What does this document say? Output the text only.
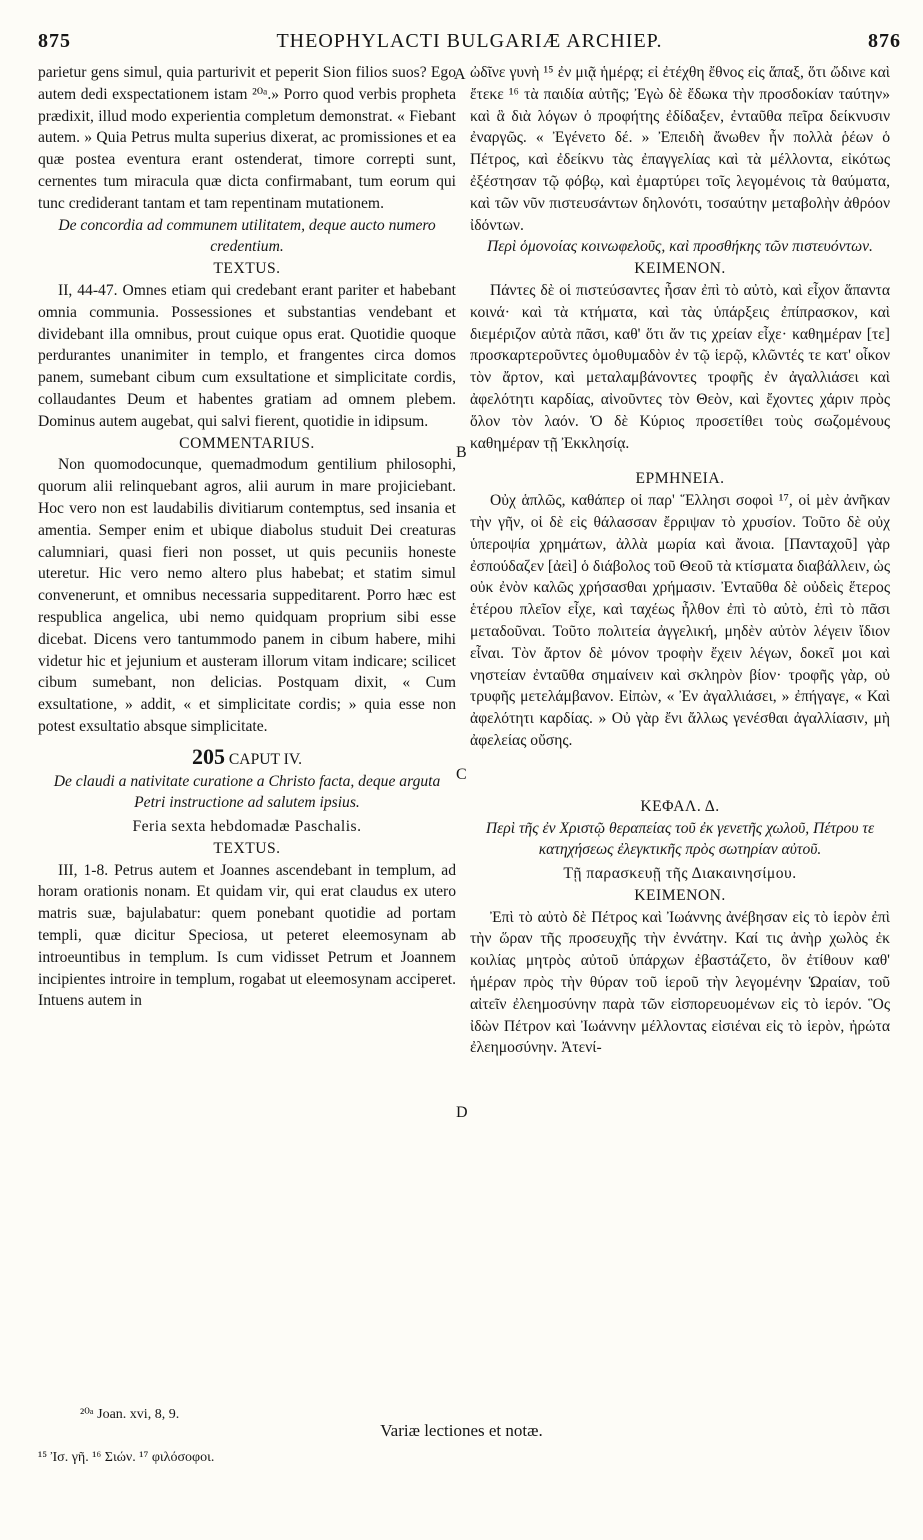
875	THEOPHYLACTI BULGARIÆ ARCHIEP.	876

parietur gens simul, quia parturivit et peperit Sion filios suos? Ego autem dedi exspectationem istam ²⁰ᵃ.» Porro quod verbis propheta prædixit, illud modo experientia completum demonstrat. « Fiebant autem. » Quia Petrus multa superius dixerat, ac promissiones et ea quæ postea eventura erant ostenderat, timore correpti sunt, cernentes tum miracula quæ dicta confirmabant, tum eorum qui tunc crediderant tantam et tam repentinam mutationem.

De concordia ad communem utilitatem, deque aucto numero credentium.

TEXTUS.

II, 44-47. Omnes etiam qui credebant erant pariter et habebant omnia communia. Possessiones et substantias vendebant et dividebant illa omnibus, prout cuique opus erat. Quotidie quoque perdurantes unanimiter in templo, et frangentes circa domos panem, sumebant cibum cum exsultatione et simplicitate cordis, collaudantes Deum et habentes gratiam ad omnem plebem. Dominus autem augebat, qui salvi fierent, quotidie in idipsum.

COMMENTARIUS.

Non quomodocunque, quemadmodum gentilium philosophi, quorum alii relinquebant agros, alii aurum in mare projiciebant. Hoc vero non est laudabilis divitiarum contemptus, sed insania et amentia. Semper enim et ubique diabolus studuit Dei creaturas calumniari, quasi fieri non posset, ut quis pecuniis honeste uteretur. Hic vero nemo altero plus habebat; et statim simul convenerunt, et omnibus necessaria suppeditarent. Porro hæc est respublica angelica, ubi nemo quidquam proprium sibi esse dicebat. Dicens vero tantummodo panem in cibum habere, mihi videtur hic et jejunium et austeram illorum vitam indicare; scilicet cibum sumebant, non delicias. Postquam dixit, « Cum exsultatione, » addit, « et simplicitate cordis; » quia esse non potest exsultatio absque simplicitate.

205 CAPUT IV.

De claudi a nativitate curatione a Christo facta, deque arguta Petri instructione ad salutem ipsius.

Feria sexta hebdomadæ Paschalis.

TEXTUS.

III, 1-8. Petrus autem et Joannes ascendebant in templum, ad horam orationis nonam. Et quidam vir, qui erat claudus ex utero matris suæ, bajulabatur: quem ponebant quotidie ad portam templi, quæ dicitur Speciosa, ut peteret eleemosynam ab introeuntibus in templum. Is cum vidisset Petrum et Joannem incipientes introire in templum, rogabat ut eleemosynam acciperet. Intuens autem in

A
B
C
D

ὠδῖνε γυνὴ ¹⁵ ἐν μιᾷ ἡμέρᾳ; εἰ ἐτέχθη ἔθνος εἰς ἅπαξ, ὅτι ὤδινε καὶ ἔτεκε ¹⁶ τὰ παιδία αὐτῆς; Ἐγὼ δὲ ἔδωκα τὴν προσδοκίαν ταύτην» καὶ ἃ διὰ λόγων ὁ προφήτης ἐδίδαξεν, ἐνταῦθα πεῖρα δείκνυσιν ἐναργῶς. « Ἐγένετο δέ. » Ἐπειδὴ ἄνωθεν ἦν πολλὰ ῥέων ὁ Πέτρος, καὶ ἐδείκνυ τὰς ἐπαγγελίας καὶ τὰ μέλλοντα, εἰκότως ἐξέστησαν τῷ φόβῳ, καὶ ἐμαρτύρει τοῖς λεγομένοις τὰ θαύματα, καὶ τῶν νῦν πιστευσάντων δηλονότι, τοσαύτην μεταβολὴν ἀθρόον ἰδόντων.

Περὶ ὁμονοίας κοινωφελοῦς, καὶ προσθήκης τῶν πιστευόντων.

ΚΕΙΜΕΝΟΝ.

Πάντες δὲ οἱ πιστεύσαντες ἦσαν ἐπὶ τὸ αὐτὸ, καὶ εἶχον ἅπαντα κοινά· καὶ τὰ κτήματα, καὶ τὰς ὑπάρξεις ἐπίπρασκον, καὶ διεμέριζον αὐτὰ πᾶσι, καθ' ὅτι ἄν τις χρείαν εἶχε· καθημέραν [τε] προσκαρτεροῦντες ὁμοθυμαδὸν ἐν τῷ ἱερῷ, κλῶντές τε κατ' οἶκον τὸν ἄρτον, καὶ μεταλαμβάνοντες τροφῆς ἐν ἀγαλλιάσει καὶ ἀφελότητι καρδίας, αἰνοῦντες τὸν Θεὸν, καὶ ἔχοντες χάριν πρὸς ὅλον τὸν λαόν. Ὁ δὲ Κύριος προσετίθει τοὺς σωζομένους καθημέραν τῇ Ἐκκλησίᾳ.

ΕΡΜΗΝΕΙΑ.

Οὐχ ἁπλῶς, καθάπερ οἱ παρ' Ἕλλησι σοφοὶ ¹⁷, οἱ μὲν ἀνῆκαν τὴν γῆν, οἱ δὲ εἰς θάλασσαν ἔρριψαν τὸ χρυσίον. Τοῦτο δὲ οὐχ ὑπεροψία χρημάτων, ἀλλὰ μωρία καὶ ἄνοια. [Πανταχοῦ] γὰρ ἐσπούδαζεν [ἀεὶ] ὁ διάβολος τοῦ Θεοῦ τὰ κτίσματα διαβάλλειν, ὡς οὐκ ἐνὸν καλῶς χρήσασθαι χρήμασιν. Ἐνταῦθα δὲ οὐδεὶς ἕτερος ἑτέρου πλεῖον εἶχε, καὶ ταχέως ἦλθον ἐπὶ τὸ αὐτὸ, ἐπὶ τὸ πᾶσι μεταδοῦναι. Τοῦτο πολιτεία ἀγγελική, μηδὲν αὐτὸν λέγειν ἴδιον εἶναι. Τὸν ἄρτον δὲ μόνον τροφὴν ἔχειν λέγων, δοκεῖ μοι καὶ νηστείαν ἐνταῦθα σημαίνειν καὶ σκληρὸν βίον· τροφῆς γὰρ, οὐ τρυφῆς μετελάμβανον. Εἰπὼν, « Ἐν ἀγαλλιάσει, » ἐπήγαγε, « Καὶ ἀφελότητι καρδίας. » Οὐ γὰρ ἔνι ἄλλως γενέσθαι ἀγαλλίασιν, μὴ ἀφελείας οὔσης.

ΚΕΦΑΛ. Δ.

Περὶ τῆς ἐν Χριστῷ θεραπείας τοῦ ἐκ γενετῆς χωλοῦ, Πέτρου τε κατηχήσεως ἐλεγκτικῆς πρὸς σωτηρίαν αὐτοῦ.

Τῇ παρασκευῇ τῆς Διακαινησίμου.

ΚΕΙΜΕΝΟΝ.

Ἐπὶ τὸ αὐτὸ δὲ Πέτρος καὶ Ἰωάννης ἀνέβησαν εἰς τὸ ἱερὸν ἐπὶ τὴν ὥραν τῆς προσευχῆς τὴν ἐννάτην. Καί τις ἀνὴρ χωλὸς ἐκ κοιλίας μητρὸς αὐτοῦ ὑπάρχων ἐβαστάζετο, ὃν ἐτίθουν καθ' ἡμέραν πρὸς τὴν θύραν τοῦ ἱεροῦ τὴν λεγομένην Ὡραίαν, τοῦ αἰτεῖν ἐλεημοσύνην παρὰ τῶν εἰσπορευομένων εἰς τὸ ἱερόν. Ὃς ἰδὼν Πέτρον καὶ Ἰωάννην μέλλοντας εἰσιέναι εἰς τὸ ἱερὸν, ἠρώτα ἐλεημοσύνην. Ἀτενί-

²⁰ᵃ Joan. xvi, 8, 9.
Variæ lectiones et notæ.
¹⁵ Ἰσ. γῆ. ¹⁶ Σιών. ¹⁷ φιλόσοφοι.
